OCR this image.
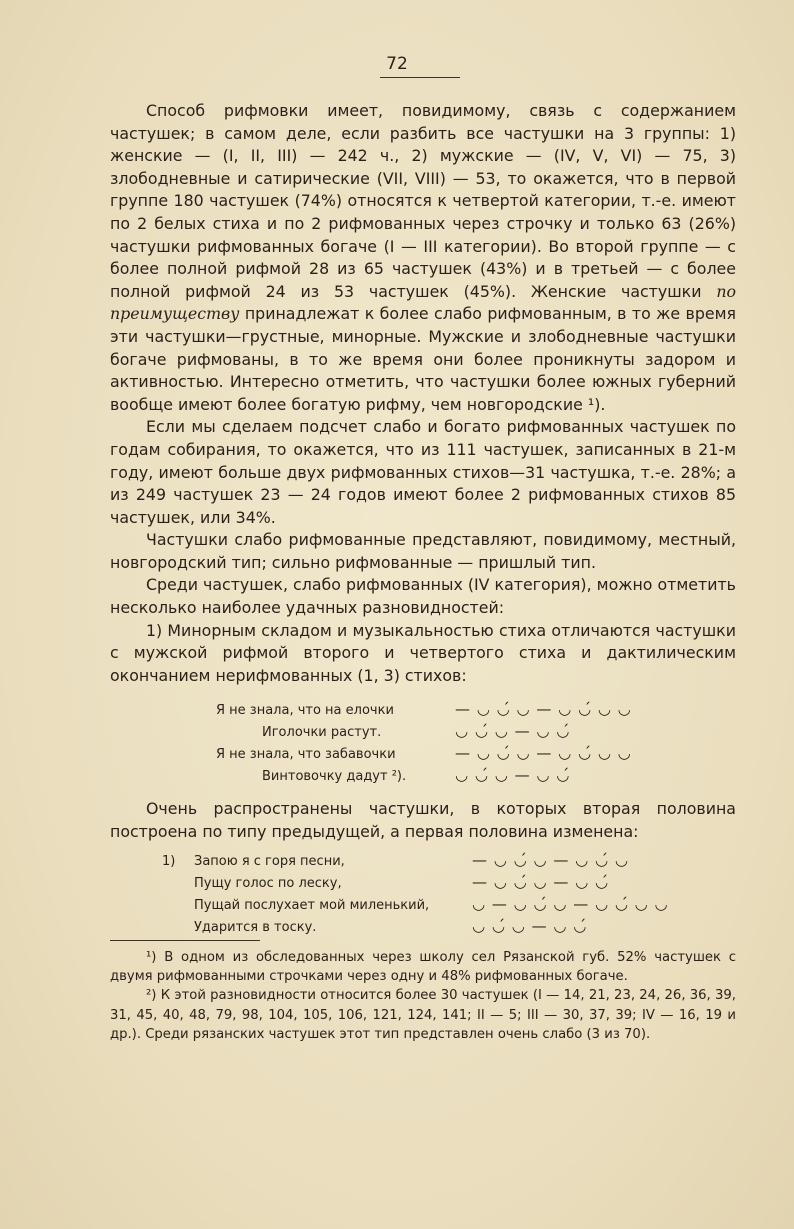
72

Способ рифмовки имеет, повидимому, связь с содержанием частушек; в самом деле, если разбить все частушки на 3 группы: 1) женские — (I, II, III) — 242 ч., 2) мужские — (IV, V, VI) — 75, 3) злободневные и сатирические (VII, VIII) — 53, то окажется, что в первой группе 180 частушек (74%) относятся к четвертой категории, т.-е. имеют по 2 белых стиха и по 2 рифмованных через строчку и только 63 (26%) частушки рифмованных богаче (I — III категории). Во второй группе — с более полной рифмой 28 из 65 частушек (43%) и в третьей — с более полной рифмой 24 из 53 частушек (45%). Женские частушки по преимуществу принадлежат к более слабо рифмованным, в то же время эти частушки—грустные, минорные. Мужские и злободневные частушки богаче рифмованы, в то же время они более проникнуты задором и активностью. Интересно отметить, что частушки более южных губерний вообще имеют более богатую рифму, чем новгородские ¹).

Если мы сделаем подсчет слабо и богато рифмованных частушек по годам собирания, то окажется, что из 111 частушек, записанных в 21-м году, имеют больше двух рифмованных стихов—31 частушка, т.-е. 28%; а из 249 частушек 23 — 24 годов имеют более 2 рифмованных стихов 85 частушек, или 34%.

Частушки слабо рифмованные представляют, повидимому, местный, новгородский тип; сильно рифмованные — пришлый тип.

Среди частушек, слабо рифмованных (IV категория), можно отметить несколько наиболее удачных разновидностей:

1) Минорным складом и музыкальностью стиха отличаются частушки с мужской рифмой второго и четвертого стиха и дактилическим окончанием нерифмованных (1, 3) стихов:

Я не знала, что на елочки	— ◡ ◡́ ◡ — ◡ ◡́ ◡ ◡
Иголочки растут.	◡ ◡́ ◡ — ◡ ◡́
Я не знала, что забавочки	— ◡ ◡́ ◡ — ◡ ◡́ ◡ ◡
Винтовочку дадут ²).	◡ ◡́ ◡ — ◡ ◡́

Очень распространены частушки, в которых вторая половина построена по типу предыдущей, а первая половина изменена:

1) Запою я с горя песни,	— ◡ ◡́ ◡ — ◡ ◡́ ◡
Пущу голос по леску,	— ◡ ◡́ ◡ — ◡ ◡́
Пущай послухает мой миленький,	◡ — ◡ ◡́ ◡ — ◡ ◡́ ◡ ◡
Ударится в тоску.	◡ ◡́ ◡ — ◡ ◡́

¹) В одном из обследованных через школу сел Рязанской губ. 52% частушек с двумя рифмованными строчками через одну и 48% рифмованных богаче.

²) К этой разновидности относится более 30 частушек (I — 14, 21, 23, 24, 26, 36, 39, 31, 45, 40, 48, 79, 98, 104, 105, 106, 121, 124, 141; II — 5; III — 30, 37, 39; IV — 16, 19 и др.). Среди рязанских частушек этот тип представлен очень слабо (3 из 70).
